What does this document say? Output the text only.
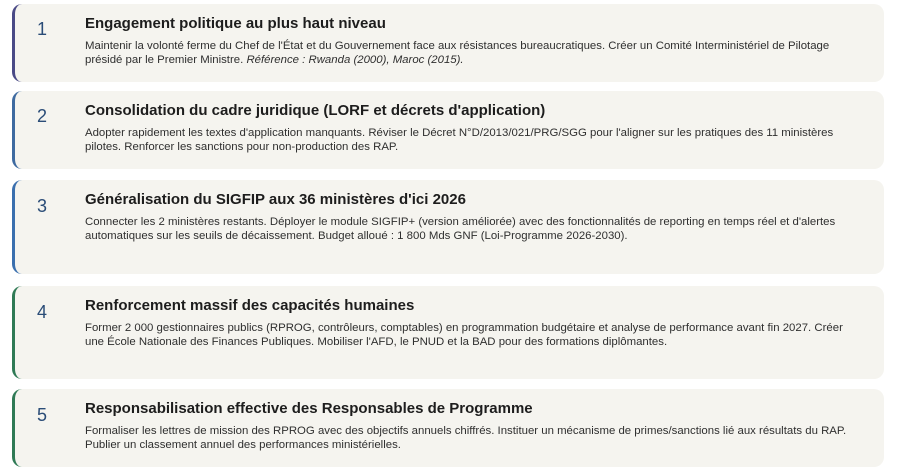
1	Engagement politique au plus haut niveau
Maintenir la volonté ferme du Chef de l'État et du Gouvernement face aux résistances bureaucratiques. Créer un Comité Interministériel de Pilotage présidé par le Premier Ministre. Référence : Rwanda (2000), Maroc (2015).
2	Consolidation du cadre juridique (LORF et décrets d'application)
Adopter rapidement les textes d'application manquants. Réviser le Décret N°D/2013/021/PRG/SGG pour l'aligner sur les pratiques des 11 ministères pilotes. Renforcer les sanctions pour non-production des RAP.
3	Généralisation du SIGFIP aux 36 ministères d'ici 2026
Connecter les 2 ministères restants. Déployer le module SIGFIP+ (version améliorée) avec des fonctionnalités de reporting en temps réel et d'alertes automatiques sur les seuils de décaissement. Budget alloué : 1 800 Mds GNF (Loi-Programme 2026-2030).
4	Renforcement massif des capacités humaines
Former 2 000 gestionnaires publics (RPROG, contrôleurs, comptables) en programmation budgétaire et analyse de performance avant fin 2027. Créer une École Nationale des Finances Publiques. Mobiliser l'AFD, le PNUD et la BAD pour des formations diplômantes.
5	Responsabilisation effective des Responsables de Programme
Formaliser les lettres de mission des RPROG avec des objectifs annuels chiffrés. Instituer un mécanisme de primes/sanctions lié aux résultats du RAP. Publier un classement annuel des performances ministérielles.
